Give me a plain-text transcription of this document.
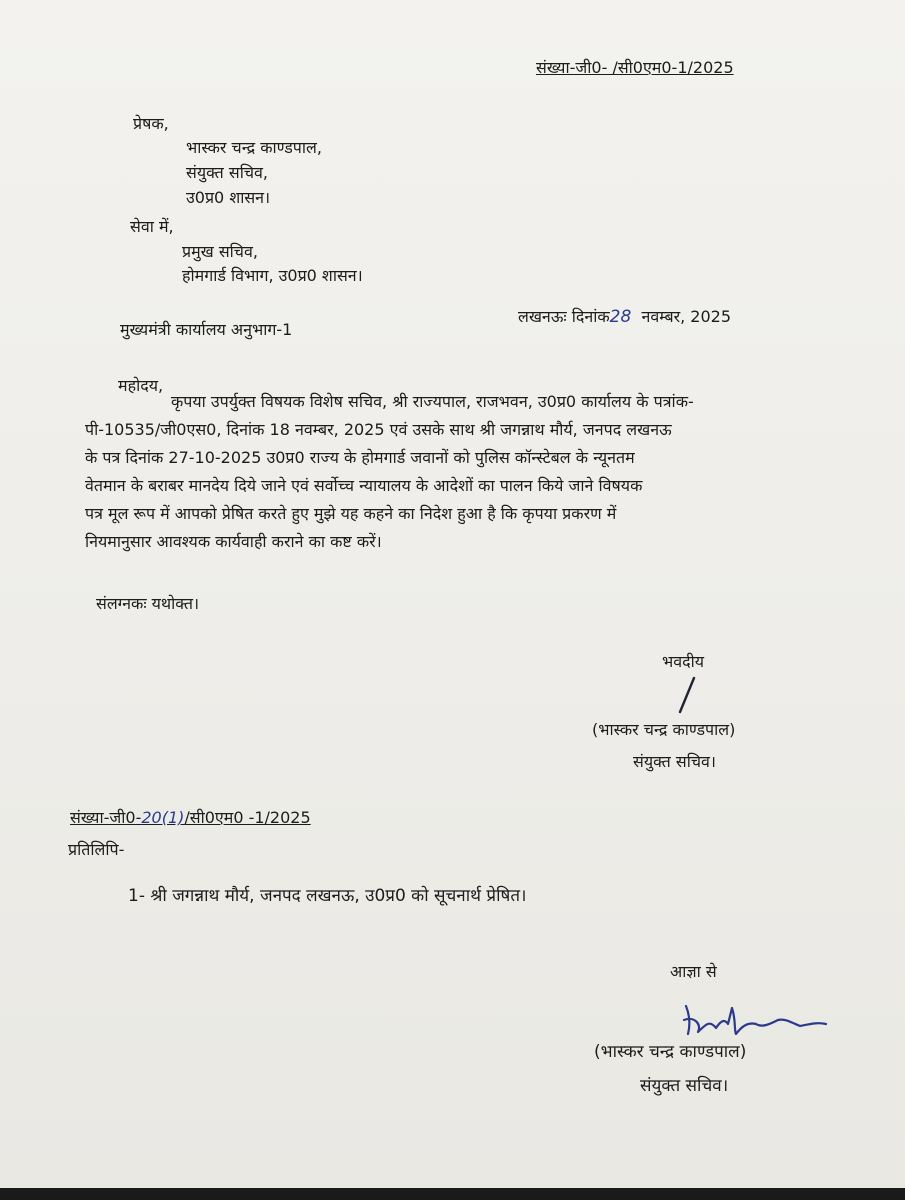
संख्या-जी0- /सी0एम0-1/2025
प्रेषक,
भास्कर चन्द्र काण्डपाल,
संयुक्त सचिव,
उ0प्र0 शासन।
सेवा में,
प्रमुख सचिव,
होमगार्ड विभाग, उ0प्र0 शासन।
मुख्यमंत्री कार्यालय अनुभाग-1
लखनऊः दिनांक28 नवम्बर, 2025
महोदय,
कृपया उपर्युक्त विषयक विशेष सचिव, श्री राज्यपाल, राजभवन, उ0प्र0 कार्यालय के पत्रांक-
पी-10535/जी0एस0, दिनांक 18 नवम्बर, 2025 एवं उसके साथ श्री जगन्नाथ मौर्य, जनपद लखनऊ
के पत्र दिनांक 27-10-2025 उ0प्र0 राज्य के होमगार्ड जवानों को पुलिस कॉन्स्टेबल के न्यूनतम
वेतमान के बराबर मानदेय दिये जाने एवं सर्वोच्च न्यायालय के आदेशों का पालन किये जाने विषयक
पत्र मूल रूप में आपको प्रेषित करते हुए मुझे यह कहने का निदेश हुआ है कि कृपया प्रकरण में
नियमानुसार आवश्यक कार्यवाही कराने का कष्ट करें।
संलग्नकः यथोक्त।
भवदीय
(भास्कर चन्द्र काण्डपाल)
संयुक्त सचिव।
संख्या-जी0-20(1)/सी0एम0 -1/2025
प्रतिलिपि-
1- श्री जगन्नाथ मौर्य, जनपद लखनऊ, उ0प्र0 को सूचनार्थ प्रेषित।
आज्ञा से
(भास्कर चन्द्र काण्डपाल)
संयुक्त सचिव।
